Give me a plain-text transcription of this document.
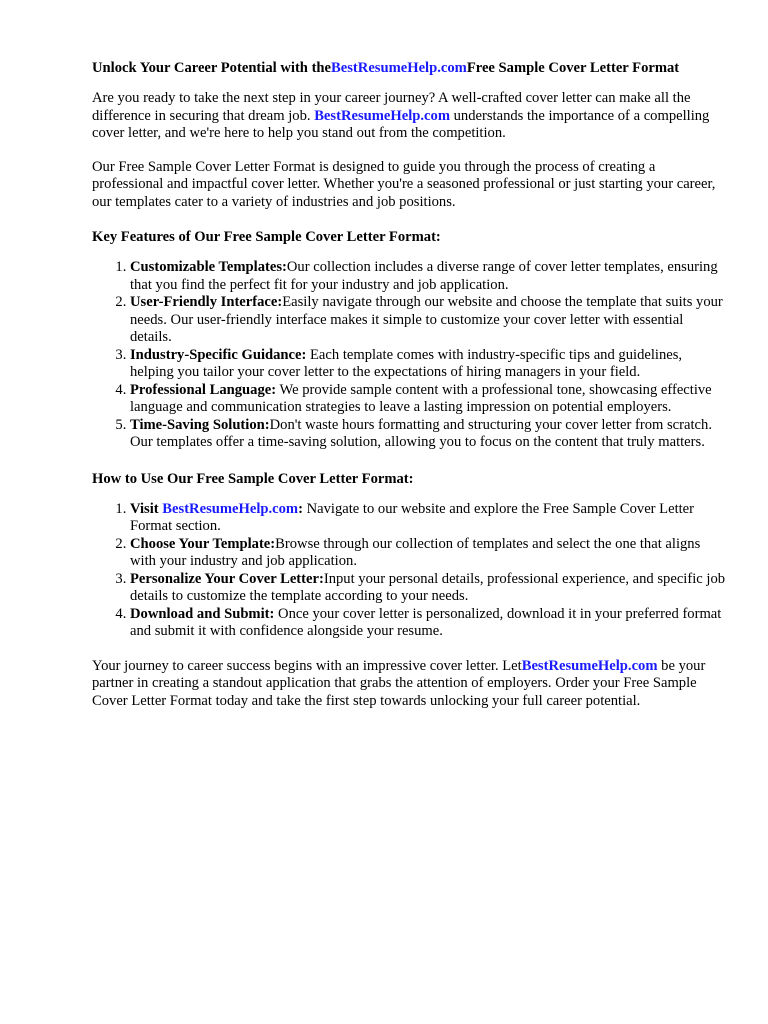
Unlock Your Career Potential with theBestResumeHelp.comFree Sample Cover Letter Format

Are you ready to take the next step in your career journey? A well-crafted cover letter can make all the difference in securing that dream job. BestResumeHelp.com understands the importance of a compelling cover letter, and we're here to help you stand out from the competition.

Our Free Sample Cover Letter Format is designed to guide you through the process of creating a professional and impactful cover letter. Whether you're a seasoned professional or just starting your career, our templates cater to a variety of industries and job positions.

Key Features of Our Free Sample Cover Letter Format:
1. Customizable Templates:Our collection includes a diverse range of cover letter templates, ensuring that you find the perfect fit for your industry and job application.
2. User-Friendly Interface:Easily navigate through our website and choose the template that suits your needs. Our user-friendly interface makes it simple to customize your cover letter with essential details.
3. Industry-Specific Guidance: Each template comes with industry-specific tips and guidelines, helping you tailor your cover letter to the expectations of hiring managers in your field.
4. Professional Language: We provide sample content with a professional tone, showcasing effective language and communication strategies to leave a lasting impression on potential employers.
5. Time-Saving Solution:Don't waste hours formatting and structuring your cover letter from scratch. Our templates offer a time-saving solution, allowing you to focus on the content that truly matters.
How to Use Our Free Sample Cover Letter Format:
1. Visit BestResumeHelp.com: Navigate to our website and explore the Free Sample Cover Letter Format section.
2. Choose Your Template:Browse through our collection of templates and select the one that aligns with your industry and job application.
3. Personalize Your Cover Letter:Input your personal details, professional experience, and specific job details to customize the template according to your needs.
4. Download and Submit: Once your cover letter is personalized, download it in your preferred format and submit it with confidence alongside your resume.

Your journey to career success begins with an impressive cover letter. LetBestResumeHelp.com be your partner in creating a standout application that grabs the attention of employers. Order your Free Sample Cover Letter Format today and take the first step towards unlocking your full career potential.
